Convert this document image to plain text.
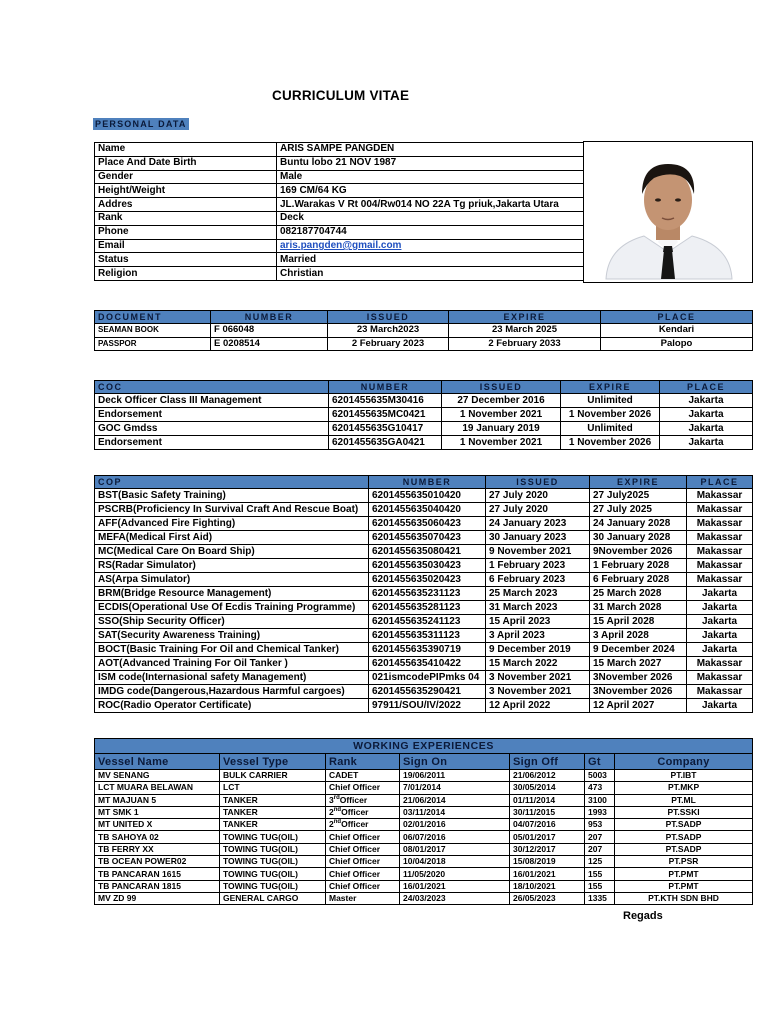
CURRICULUM VITAE
PERSONAL DATA
Name	ARIS SAMPE PANGDEN
Place And Date Birth	Buntu lobo 21 NOV 1987
Gender	Male
Height/Weight	169 CM/64 KG
Addres	JL.Warakas V Rt 004/Rw014 NO 22A Tg priuk,Jakarta Utara
Rank	Deck
Phone	082187704744
Email	aris.pangden@gmail.com
Status	Married
Religion	Christian
DOCUMENT	NUMBER	ISSUED	EXPIRE	PLACE
SEAMAN BOOK	F 066048	23 March2023	23 March 2025	Kendari
PASSPOR	E 0208514	2 February 2023	2 February 2033	Palopo
COC	NUMBER	ISSUED	EXPIRE	PLACE
Deck Officer Class III Management	6201455635M30416	27 December 2016	Unlimited	Jakarta
Endorsement	6201455635MC0421	1 November 2021	1 November 2026	Jakarta
GOC Gmdss	6201455635G10417	19 January 2019	Unlimited	Jakarta
Endorsement	6201455635GA0421	1 November 2021	1 November 2026	Jakarta
COP	NUMBER	ISSUED	EXPIRE	PLACE
BST(Basic Safety Training)	6201455635010420	27 July 2020	27 July2025	Makassar
PSCRB(Proficiency In Survival Craft And Rescue Boat)	6201455635040420	27 July 2020	27 July 2025	Makassar
AFF(Advanced Fire Fighting)	6201455635060423	24 January 2023	24 January 2028	Makassar
MEFA(Medical First Aid)	6201455635070423	30 January 2023	30 January 2028	Makassar
MC(Medical Care On Board Ship)	6201455635080421	9 November 2021	9November 2026	Makassar
RS(Radar Simulator)	6201455635030423	1 February 2023	1 February 2028	Makassar
AS(Arpa Simulator)	6201455635020423	6 February 2023	6 February 2028	Makassar
BRM(Bridge Resource Management)	6201455635231123	25 March 2023	25 March 2028	Jakarta
ECDIS(Operational Use Of Ecdis Training Programme)	6201455635281123	31 March 2023	31 March 2028	Jakarta
SSO(Ship Security Officer)	6201455635241123	15 April 2023	15 April 2028	Jakarta
SAT(Security Awareness Training)	6201455635311123	3 April 2023	3 April 2028	Jakarta
BOCT(Basic Training For Oil and Chemical Tanker)	6201455635390719	9 December 2019	9 December 2024	Jakarta
AOT(Advanced Training For Oil Tanker )	6201455635410422	15 March 2022	15 March 2027	Makassar
ISM code(Internasional safety Management)	021ismcodePIPmks 04	3 November 2021	3November 2026	Makassar
IMDG code(Dangerous,Hazardous Harmful cargoes)	6201455635290421	3 November 2021	3November 2026	Makassar
ROC(Radio Operator Certificate)	97911/SOU/IV/2022	12 April 2022	12 April 2027	Jakarta
WORKING EXPERIENCES						
Vessel Name	Vessel Type	Rank	Sign On	Sign Off	Gt	Company
MV SENANG	BULK CARRIER	CADET	19/06/2011	21/06/2012	5003	PT.IBT
LCT MUARA BELAWAN	LCT	Chief Officer	7/01/2014	30/05/2014	473	PT.MKP
MT MAJUAN 5	TANKER	3rdOfficer	21/06/2014	01/11/2014	3100	PT.ML
MT SMK 1	TANKER	2ndOfficer	03/11/2014	30/11/2015	1993	PT.SSKI
MT UNITED X	TANKER	2ndOfficer	02/01/2016	04/07/2016	953	PT.SADP
TB SAHOYA 02	TOWING TUG(OIL)	Chief Officer	06/07/2016	05/01/2017	207	PT.SADP
TB FERRY XX	TOWING TUG(OIL)	Chief Officer	08/01/2017	30/12/2017	207	PT.SADP
TB OCEAN POWER02	TOWING TUG(OIL)	Chief Officer	10/04/2018	15/08/2019	125	PT.PSR
TB PANCARAN 1615	TOWING TUG(OIL)	Chief Officer	11/05/2020	16/01/2021	155	PT.PMT
TB PANCARAN 1815	TOWING TUG(OIL)	Chief Officer	16/01/2021	18/10/2021	155	PT.PMT
MV ZD 99	GENERAL CARGO	Master	24/03/2023	26/05/2023	1335	PT.KTH SDN BHD
Regads
